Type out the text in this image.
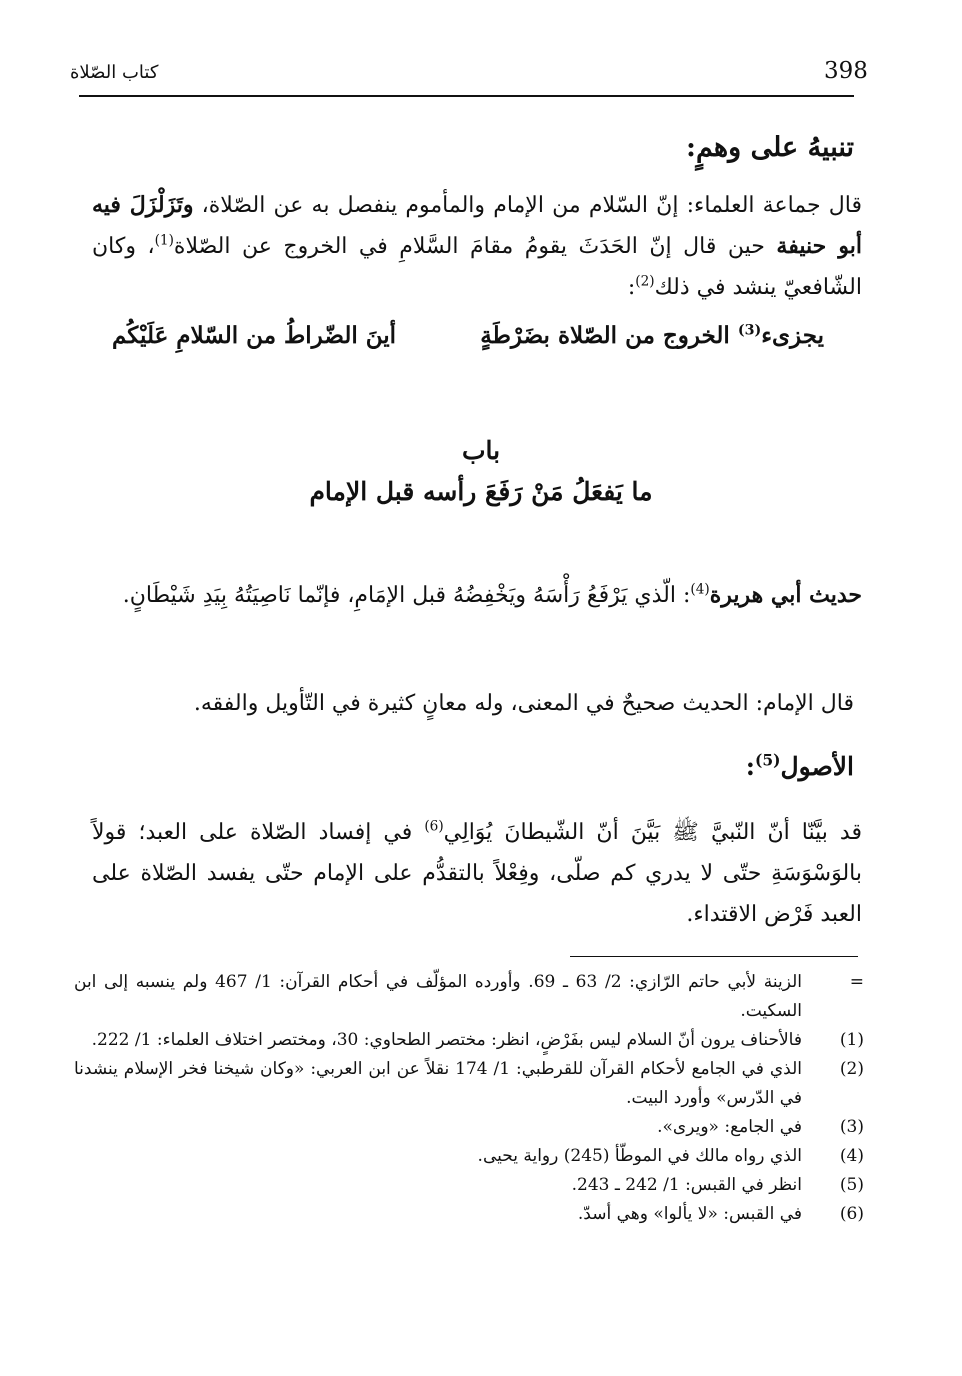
398
كتاب الصّلاة
تنبيهُ على وهمٍ:
قال جماعة العلماء: إنّ السّلام من الإمام والمأموم ينفصل به عن الصّلاة، وتَزَلْزَلَ فيه أبو حنيفة حين قال إنّ الحَدَثَ يقومُ مقامَ السَّلامِ في الخروج عن الصّلاة$^{(1)}$، وكان الشّافعيّ ينشد في ذلك$^{(2)}$:
يجزىء$^{(3)}$ الخروج من الصّلاة بضَرْطَةٍ
أينَ الضّراطُ من السّلامِ عَلَيْكُم
باب
ما يَفعَلُ مَنْ رَفَعَ رأسه قبل الإمام
حديث أبي هريرة$^{(4)}$: الّذي يَرْفَعُ رَأْسَهُ ويَخْفِضُهُ قبل الإمَامِ، فإنّما نَاصِيَتُهُ بِيَدِ شَيْطَانٍ.
قال الإمام: الحديث صحيحٌ في المعنى، وله معانٍ كثيرة في التّأويل والفقه.
الأصول$^{(5)}$:
قد بيَّنّا أنّ النّبيَّ ﷺ بَيَّنَ أنّ الشّيطانَ يُوَالِي$^{(6)}$ في إفساد الصّلاة على العبد؛ قولاً بالوَسْوَسَةِ حتّى لا يدري كم صلّى، وفِعْلاً بالتقدُّم على الإمام حتّى يفسد الصّلاة على العبد فَرْض الاقتداء.
=
الزينة لأبي حاتم الرّازي: 2/ 63 ـ 69. وأورده المؤلّف في أحكام القرآن: 1/ 467 ولم ينسبه إلى ابن السكيت.
(1)
فالأحناف يرون أنّ السلام ليس بفَرْضٍ، انظر: مختصر الطحاوي: 30، ومختصر اختلاف العلماء: 1/ 222.
(2)
الذي في الجامع لأحكام القرآن للقرطبي: 1/ 174 نقلاً عن ابن العربي: «وكان شيخنا فخر الإسلام ينشدنا في الدّرس» وأورد البيت.
(3)
في الجامع: «ويرى».
(4)
الذي رواه مالك في الموطّأ (245) رواية يحيى.
(5)
انظر في القبس: 1/ 242 ـ 243.
(6)
في القبس: «لا يألوا» وهي أسدّ.
